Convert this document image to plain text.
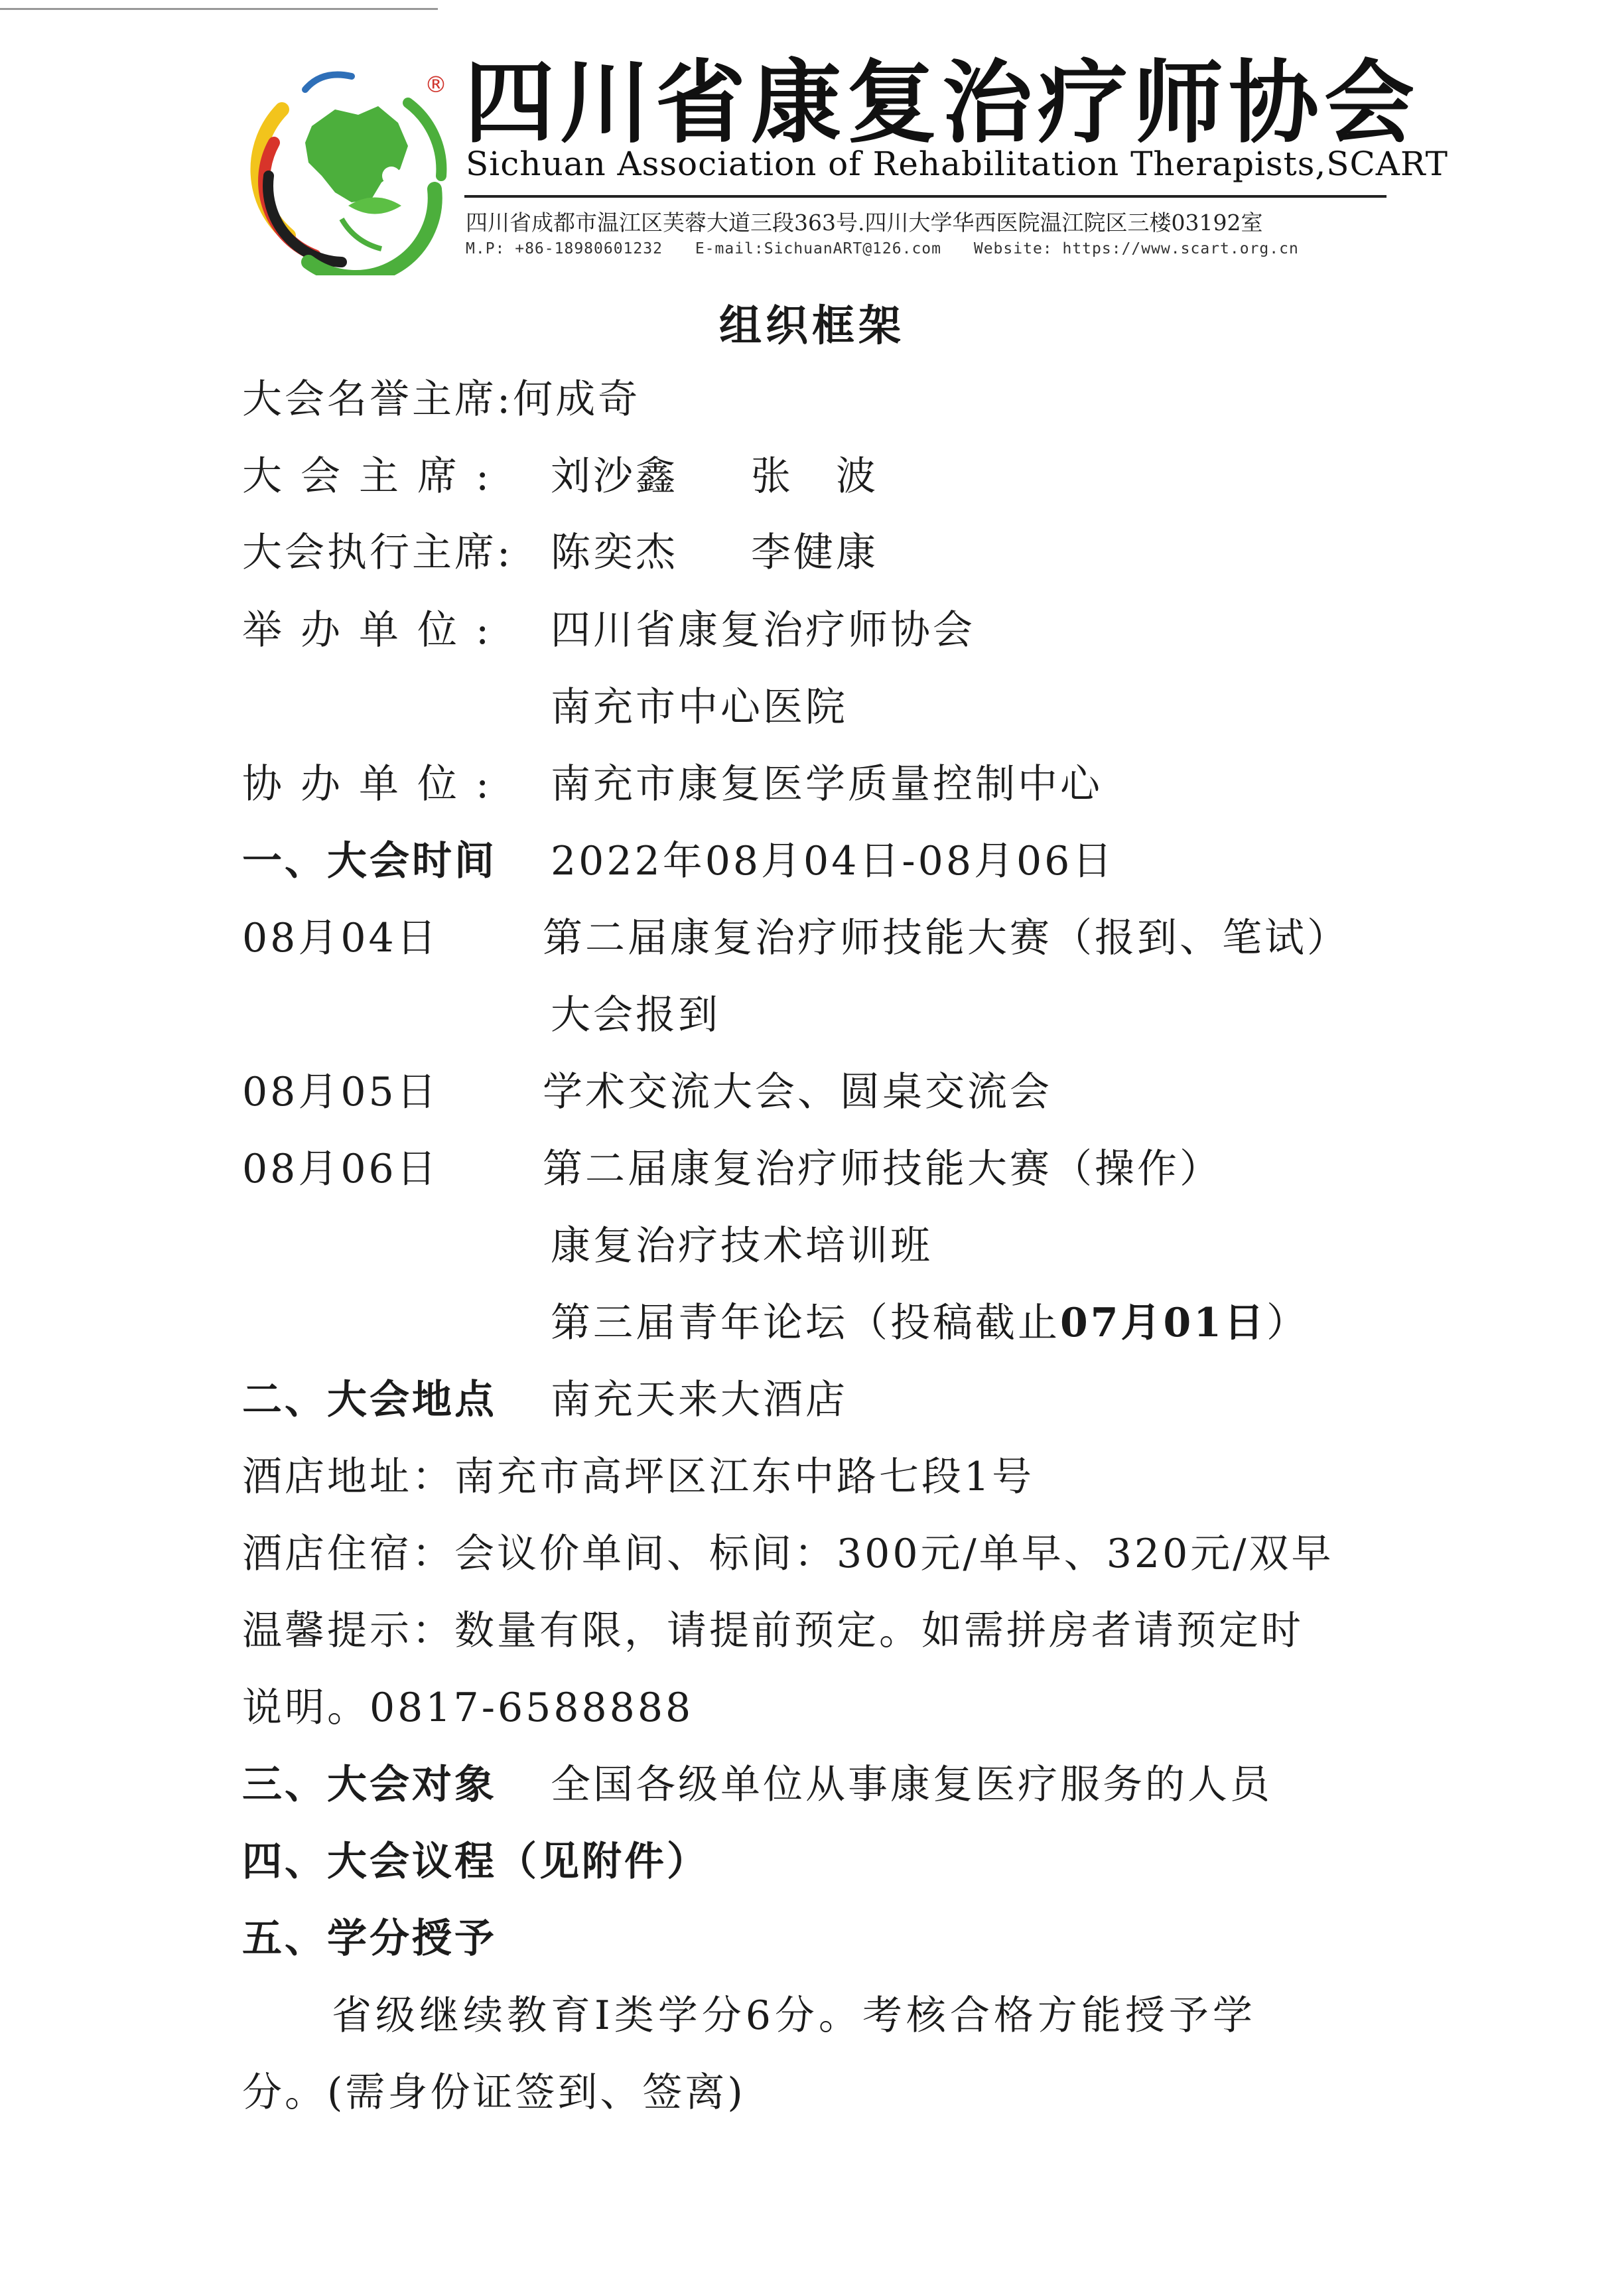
® 四川省康复治疗师协会
Sichuan Association of Rehabilitation Therapists,SCART
四川省成都市温江区芙蓉大道三段363号.四川大学华西医院温江院区三楼03192室
M.P: +86-18980601232 E-mail:SichuanART@126.com Website: https://www.scart.org.cn
组织框架
大会名誉主席:何成奇
大会主席: 刘沙鑫 张　波
大会执行主席: 陈奕杰 李健康
举办单位: 四川省康复治疗师协会
南充市中心医院
协办单位: 南充市康复医学质量控制中心
一、大会时间 2022年08月04日-08月06日
08月04日	第二届康复治疗师技能大赛（报到、笔试）
大会报到
08月05日	学术交流大会、圆桌交流会
08月06日	第二届康复治疗师技能大赛（操作）
康复治疗技术培训班
第三届青年论坛（投稿截止07月01日）
二、大会地点 南充天来大酒店
酒店地址：南充市高坪区江东中路七段1号
酒店住宿：会议价单间、标间：300元/单早、320元/双早
温馨提示：数量有限，请提前预定。如需拼房者请预定时
说明。0817-6588888
三、大会对象 全国各级单位从事康复医疗服务的人员
四、大会议程（见附件）
五、学分授予
省级继续教育Ⅰ类学分6分。考核合格方能授予学
分。(需身份证签到、签离)
